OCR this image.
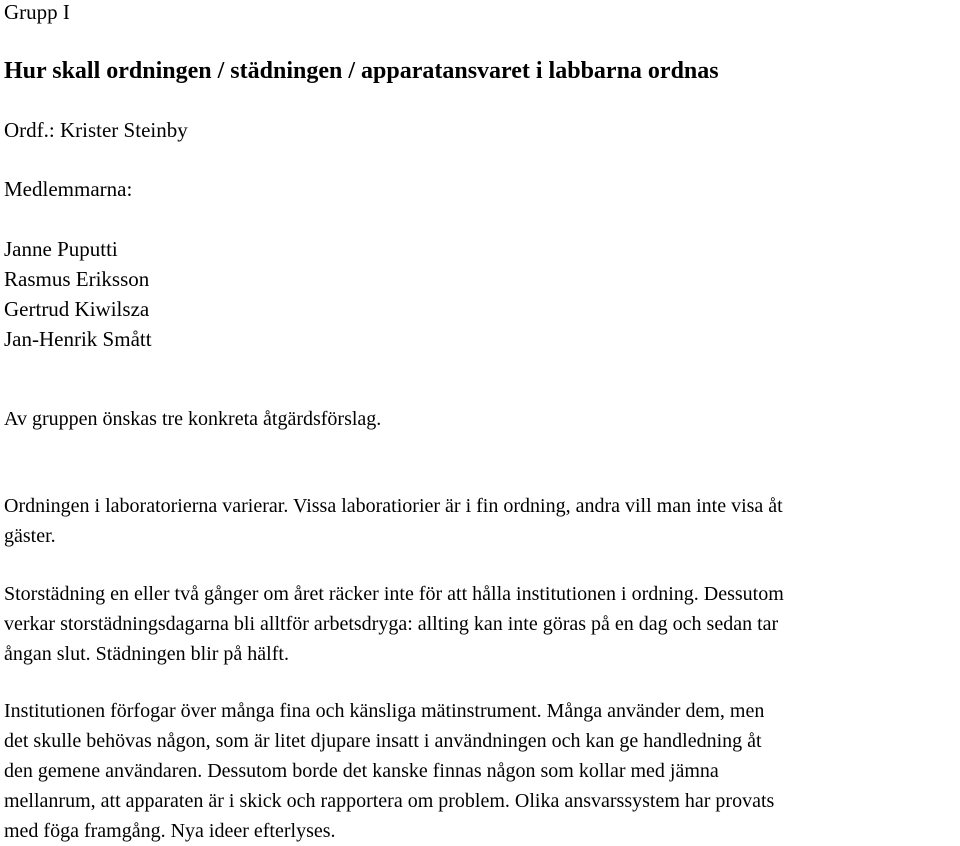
Grupp I
Hur skall ordningen / städningen / apparatansvaret i labbarna ordnas
Ordf.: Krister Steinby
Medlemmarna:
Janne Puputti
Rasmus Eriksson
Gertrud Kiwilsza
Jan-Henrik Smått

Av gruppen önskas tre konkreta åtgärdsförslag.

Ordningen i laboratorierna varierar. Vissa laboratiorier är i fin ordning, andra vill man inte visa åt
gäster.

Storstädning en eller två gånger om året räcker inte för att hålla institutionen i ordning. Dessutom
verkar storstädningsdagarna bli alltför arbetsdryga: allting kan inte göras på en dag och sedan tar
ångan slut. Städningen blir på hälft.

Institutionen förfogar över många fina och känsliga mätinstrument. Många använder dem, men
det skulle behövas någon, som är litet djupare insatt i användningen och kan ge handledning åt
den gemene användaren. Dessutom borde det kanske finnas någon som kollar med jämna
mellanrum, att apparaten är i skick och rapportera om problem. Olika ansvarssystem har provats
med föga framgång. Nya ideer efterlyses.
